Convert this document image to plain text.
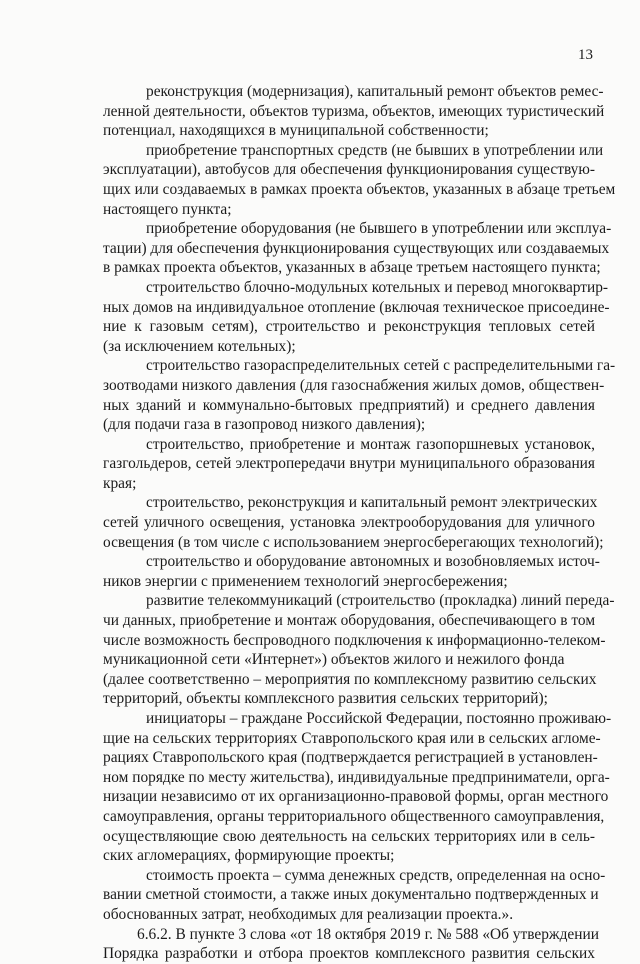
13
реконструкция (модернизация), капитальный ремонт объектов ремес-
ленной деятельности, объектов туризма, объектов, имеющих туристический
потенциал, находящихся в муниципальной собственности;
приобретение транспортных средств (не бывших в употреблении или
эксплуатации), автобусов для обеспечения функционирования существую-
щих или создаваемых в рамках проекта объектов, указанных в абзаце третьем
настоящего пункта;
приобретение оборудования (не бывшего в употреблении или эксплуа-
тации) для обеспечения функционирования существующих или создаваемых
в рамках проекта объектов, указанных в абзаце третьем настоящего пункта;
строительство блочно-модульных котельных и перевод многоквартир-
ных домов на индивидуальное отопление (включая техническое присоедине-
ние к газовым сетям), строительство и реконструкция тепловых сетей
(за исключением котельных);
строительство газораспределительных сетей с распределительными га-
зоотводами низкого давления (для газоснабжения жилых домов, обществен-
ных зданий и коммунально-бытовых предприятий) и среднего давления
(для подачи газа в газопровод низкого давления);
строительство, приобретение и монтаж газопоршневых установок,
газгольдеров, сетей электропередачи внутри муниципального образования
края;
строительство, реконструкция и капитальный ремонт электрических
сетей уличного освещения, установка электрооборудования для уличного
освещения (в том числе с использованием энергосберегающих технологий);
строительство и оборудование автономных и возобновляемых источ-
ников энергии с применением технологий энергосбережения;
развитие телекоммуникаций (строительство (прокладка) линий переда-
чи данных, приобретение и монтаж оборудования, обеспечивающего в том
числе возможность беспроводного подключения к информационно-телеком-
муникационной сети «Интернет») объектов жилого и нежилого фонда
(далее соответственно – мероприятия по комплексному развитию сельских
территорий, объекты комплексного развития сельских территорий);
инициаторы – граждане Российской Федерации, постоянно проживаю-
щие на сельских территориях Ставропольского края или в сельских агломе-
рациях Ставропольского края (подтверждается регистрацией в установлен-
ном порядке по месту жительства), индивидуальные предприниматели, орга-
низации независимо от их организационно-правовой формы, орган местного
самоуправления, органы территориального общественного самоуправления,
осуществляющие свою деятельность на сельских территориях или в сель-
ских агломерациях, формирующие проекты;
стоимость проекта – сумма денежных средств, определенная на осно-
вании сметной стоимости, а также иных документально подтвержденных и
обоснованных затрат, необходимых для реализации проекта.».
6.6.2. В пункте 3 слова «от 18 октября 2019 г. № 588 «Об утверждении
Порядка разработки и отбора проектов комплексного развития сельских
